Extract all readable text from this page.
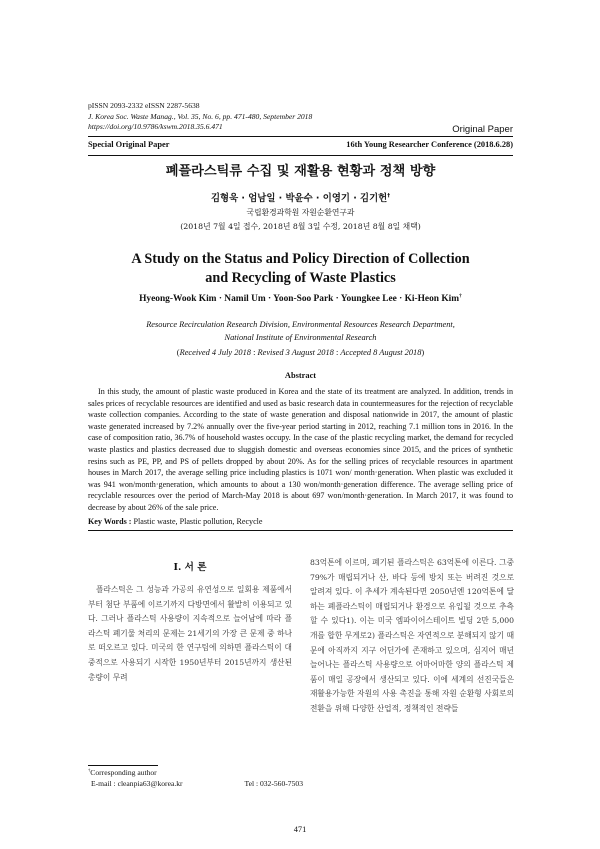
pISSN 2093-2332 eISSN 2287-5638
J. Korea Soc. Waste Manag., Vol. 35, No. 6, pp. 471-480, September 2018
https://doi.org/10.9786/kswm.2018.35.6.471	Original Paper
Special Original Paper	16th Young Researcher Conference (2018.6.28)
폐플라스틱류 수집 및 재활용 현황과 정책 방향
김형욱 · 엄남일 · 박윤수 · 이영기 · 김기헌†
국립환경과학원 자원순환연구과
(2018년 7월 4일 접수, 2018년 8월 3일 수정, 2018년 8월 8일 채택)
A Study on the Status and Policy Direction of Collection
and Recycling of Waste Plastics
Hyeong-Wook Kim · Namil Um · Yoon-Soo Park · Youngkee Lee · Ki-Heon Kim†
Resource Recirculation Research Division, Environmental Resources Research Department,
National Institute of Environmental Research
(Received 4 July 2018 : Revised 3 August 2018 : Accepted 8 August 2018)
Abstract

In this study, the amount of plastic waste produced in Korea and the state of its treatment are analyzed. In addition, trends in sales prices of recyclable resources are identified and used as basic research data in countermeasures for the rejection of recyclable waste collection companies. According to the state of waste generation and disposal nationwide in 2017, the amount of plastic waste generated increased by 7.2% annually over the five-year period starting in 2012, reaching 7.1 million tons in 2016. In the case of composition ratio, 36.7% of household wastes occupy. In the case of the plastic recycling market, the demand for recycled waste plastics and plastics decreased due to sluggish domestic and overseas economies since 2015, and the prices of synthetic resins such as PE, PP, and PS of pellets dropped by about 20%. As for the selling prices of recyclable resources in apartment houses in March 2017, the average selling price including plastics is 1071 won/ month·generation. When plastic was excluded it was 941 won/month·generation, which amounts to about a 130 won/month·generation difference. The average selling price of recyclable resources over the period of March-May 2018 is about 697 won/month·generation. In March 2017, it was found to decrease by about 26% of the sale price.

Key Words : Plastic waste, Plastic pollution, Recycle
I. 서 론

플라스틱은 그 성능과 가공의 유연성으로 일회용 제품에서부터 첨단 부품에 이르기까지 다방면에서 활발히 이용되고 있다. 그러나 플라스틱 사용량이 지속적으로 늘어남에 따라 플라스틱 폐기물 처리의 문제는 21세기의 가장 큰 문제 중 하나로 떠오르고 있다. 미국의 한 연구팀에 의하면 플라스틱이 대중적으로 사용되기 시작한 1950년부터 2015년까지 생산된 총량이 무려

83억톤에 이르며, 폐기된 플라스틱은 63억톤에 이른다. 그중 79%가 매립되거나 산, 바다 등에 방치 또는 버려진 것으로 알려져 있다. 이 추세가 계속된다면 2050년엔 120억톤에 달하는 폐플라스틱이 매립되거나 환경으로 유입될 것으로 추측할 수 있다1). 이는 미국 엠파이어스테이트 빌딩 2만 5,000개를 합한 무게로2) 플라스틱은 자연적으로 분해되지 않기 때문에 아직까지 지구 어딘가에 존재하고 있으며, 심지어 매년 늘어나는 플라스틱 사용량으로 어마어마한 양의 플라스틱 제품이 매일 공장에서 생산되고 있다. 이에 세계의 선진국들은 재활용가능한 자원의 사용 촉진을 통해 자원 순환형 사회로의 전환을 위해 다양한 산업적, 정책적인 전략들

†Corresponding author
E-mail : cleanpia63@korea.kr	Tel : 032-560-7503
471
